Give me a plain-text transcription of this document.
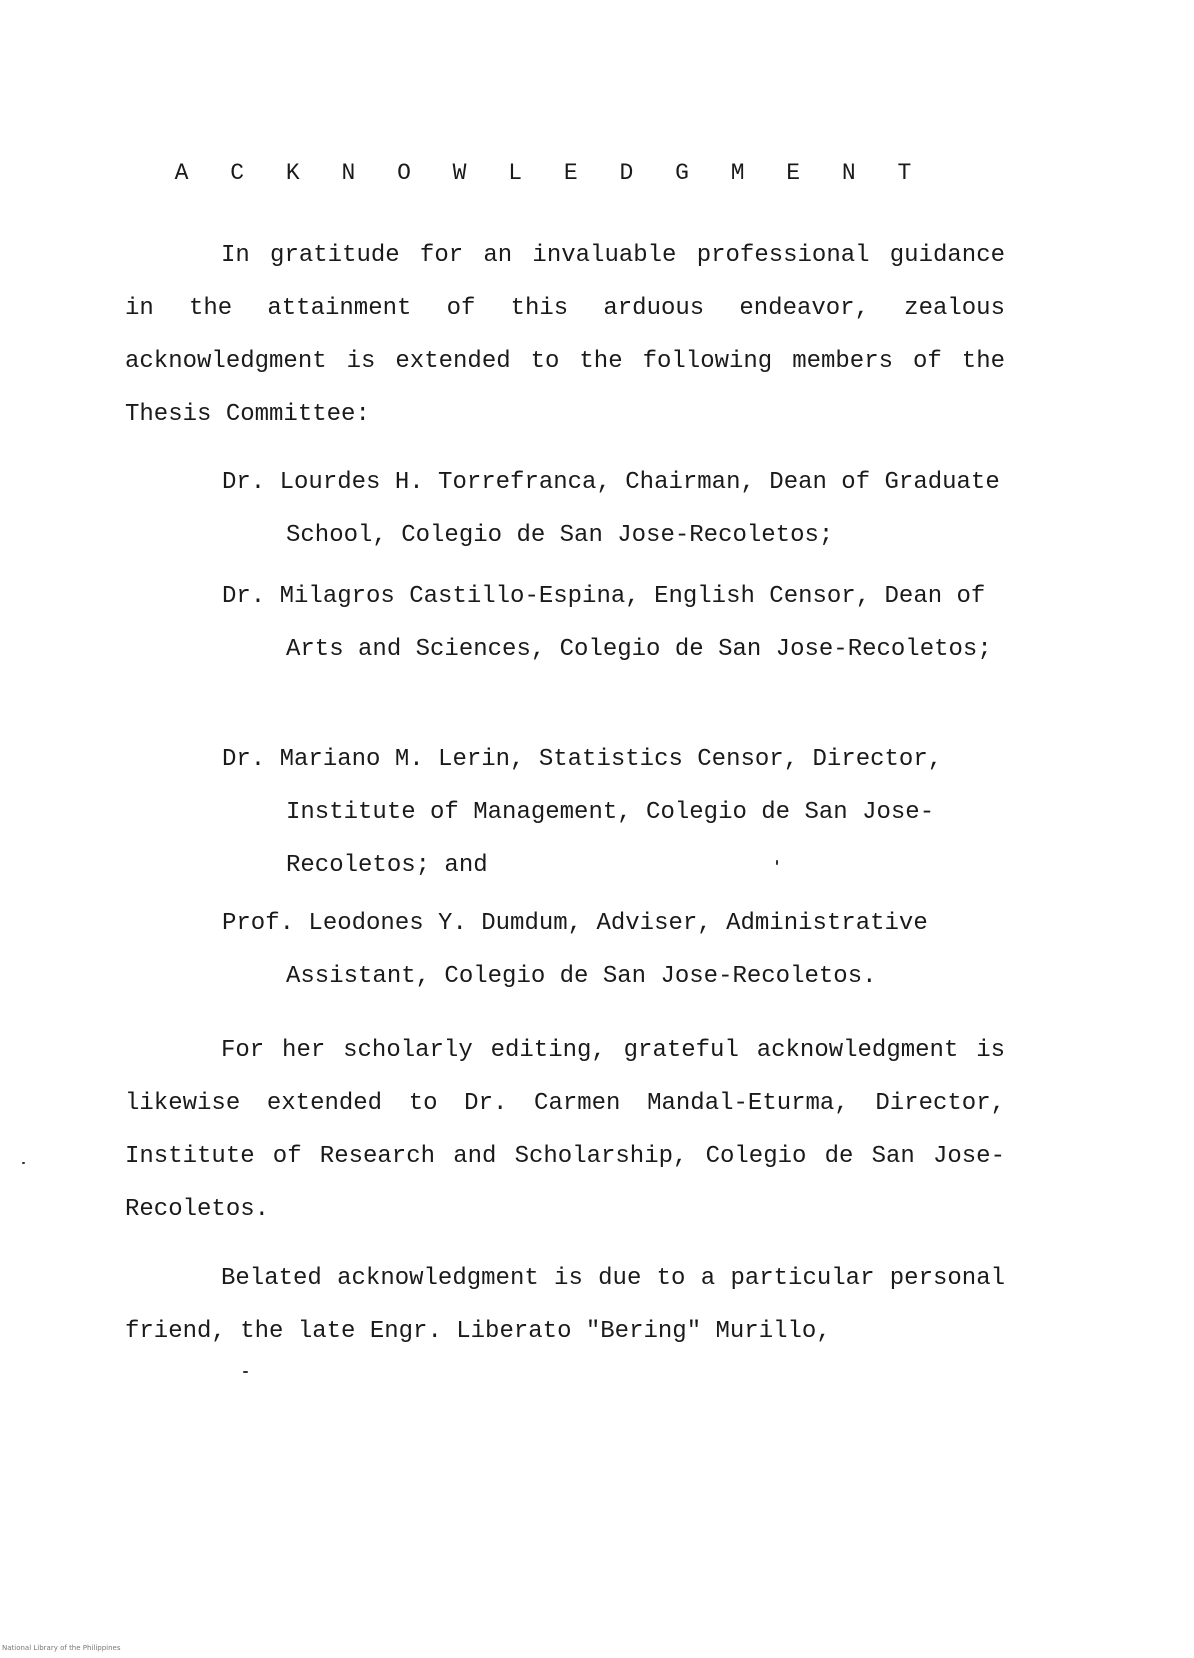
A C K N O W L E D G M E N T
In gratitude for an invaluable professional guidance in the attainment of this arduous endeavor, zealous acknowledgment is extended to the following members of the Thesis Committee:
Dr. Lourdes H. Torrefranca, Chairman, Dean of Graduate School, Colegio de San Jose-Recoletos;
Dr. Milagros Castillo-Espina, English Censor, Dean of Arts and Sciences, Colegio de San Jose-Recoletos;
Dr. Mariano M. Lerin, Statistics Censor, Director, Institute of Management, Colegio de San Jose-Recoletos; and
Prof. Leodones Y. Dumdum, Adviser, Administrative Assistant, Colegio de San Jose-Recoletos.
For her scholarly editing, grateful acknowledgment is likewise extended to Dr. Carmen Mandal-Eturma, Director, Institute of Research and Scholarship, Colegio de San Jose-Recoletos.
Belated acknowledgment is due to a particular personal friend, the late Engr. Liberato "Bering" Murillo,
National Library of the Philippines
